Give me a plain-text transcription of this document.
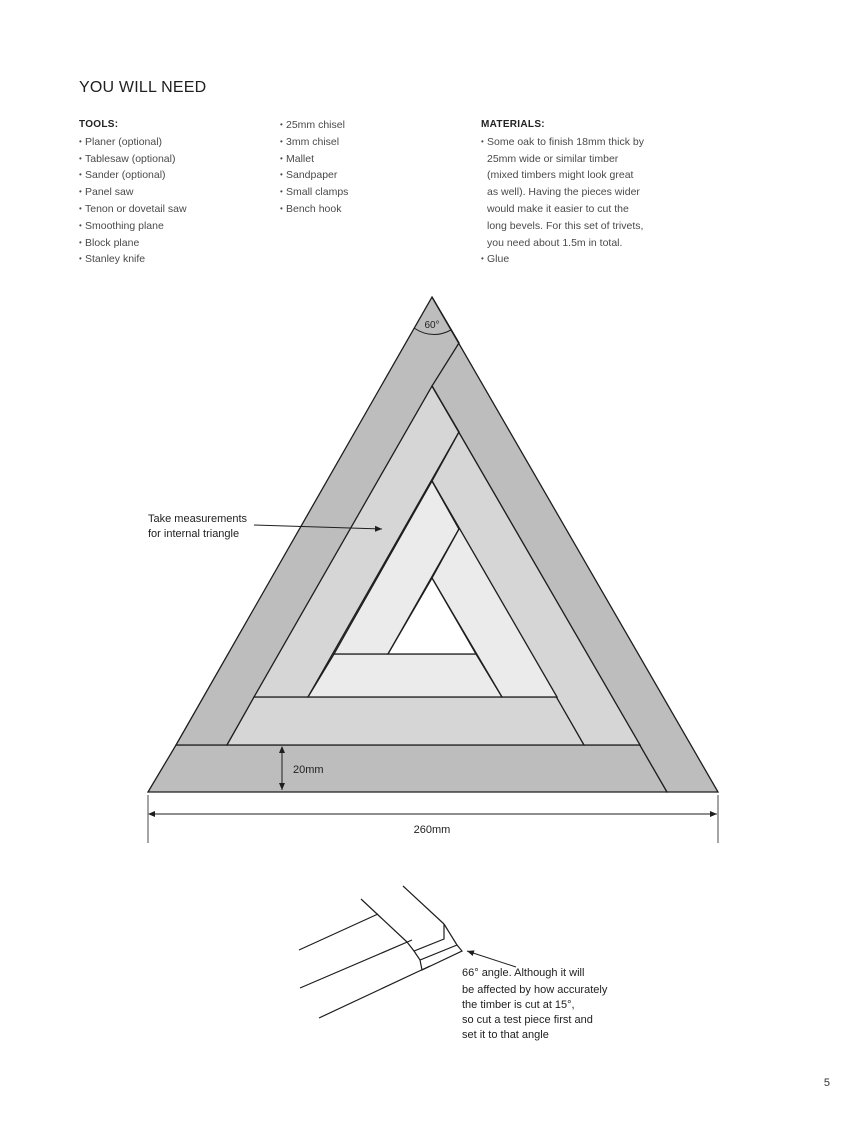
YOU WILL NEED
TOOLS:
• Planer (optional)
• Tablesaw (optional)
• Sander (optional)
• Panel saw
• Tenon or dovetail saw
• Smoothing plane
• Block plane
• Stanley knife
• 25mm chisel
• 3mm chisel
• Mallet
• Sandpaper
• Small clamps
• Bench hook
MATERIALS:
• Some oak to finish 18mm thick by
25mm wide or similar timber
(mixed timbers might look great
as well). Having the pieces wider
would make it easier to cut the
long bevels. For this set of trivets,
you need about 1.5m in total.
• Glue
60°
Take measurements
for internal triangle
20mm
260mm
66° angle. Although it will
be affected by how accurately
the timber is cut at 15°,
so cut a test piece first and
set it to that angle
5
